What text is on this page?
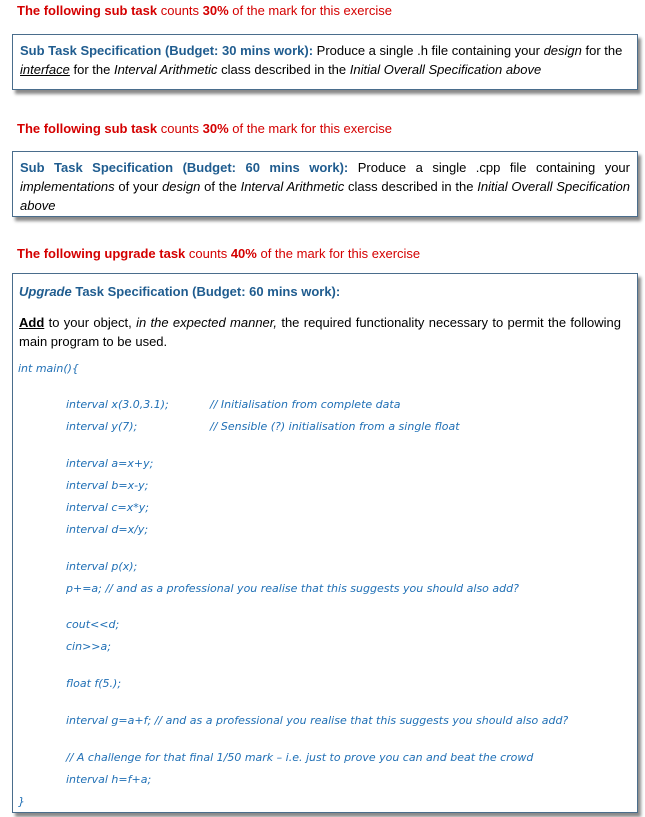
The following sub task counts 30% of the mark for this exercise

Sub Task Specification (Budget: 30 mins work): Produce a single .h file containing your design for the interface for the Interval Arithmetic class described in the Initial Overall Specification above

The following sub task counts 30% of the mark for this exercise

Sub Task Specification (Budget: 60 mins work): Produce a single .cpp file containing your implementations of your design of the Interval Arithmetic class described in the Initial Overall Specification above

The following upgrade task counts 40% of the mark for this exercise
Upgrade Task Specification (Budget: 60 mins work):

Add to your object, in the expected manner, the required functionality necessary to permit the following main program to be used.

int main(){
interval x(3.0,3.1);	// Initialisation from complete data
interval y(7);	// Sensible (?) initialisation from a single float
interval a=x+y;
interval b=x-y;
interval c=x*y;
interval d=x/y;
interval p(x);
p+=a; // and as a professional you realise that this suggests you should also add?
cout<<d;
cin>>a;
float f(5.);
interval g=a+f; // and as a professional you realise that this suggests you should also add?
// A challenge for that final 1/50 mark – i.e. just to prove you can and beat the crowd
interval h=f+a;
}
